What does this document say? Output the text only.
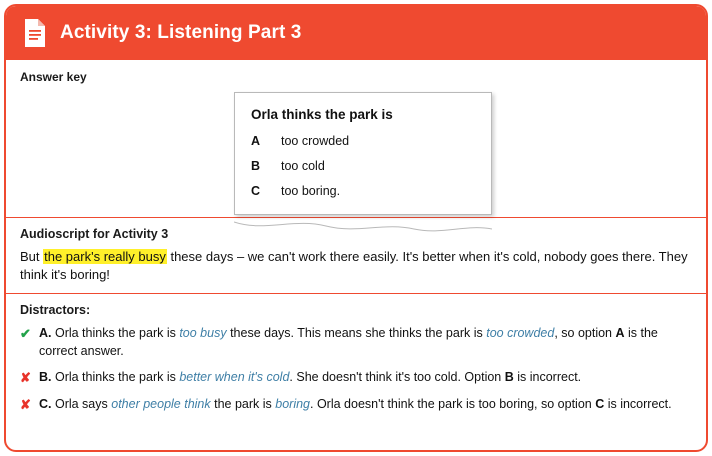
Activity 3: Listening Part 3
Answer key
Orla thinks the park is
A	too crowded
B	too cold
C	too boring.
Audioscript for Activity 3
But the park's really busy these days – we can't work there easily. It's better when it's cold, nobody goes there. They think it's boring!
Distractors:
✔ A. Orla thinks the park is too busy these days. This means she thinks the park is too crowded, so option A is the correct answer.
✘ B. Orla thinks the park is better when it's cold. She doesn't think it's too cold. Option B is incorrect.
✘ C. Orla says other people think the park is boring. Orla doesn't think the park is too boring, so option C is incorrect.
